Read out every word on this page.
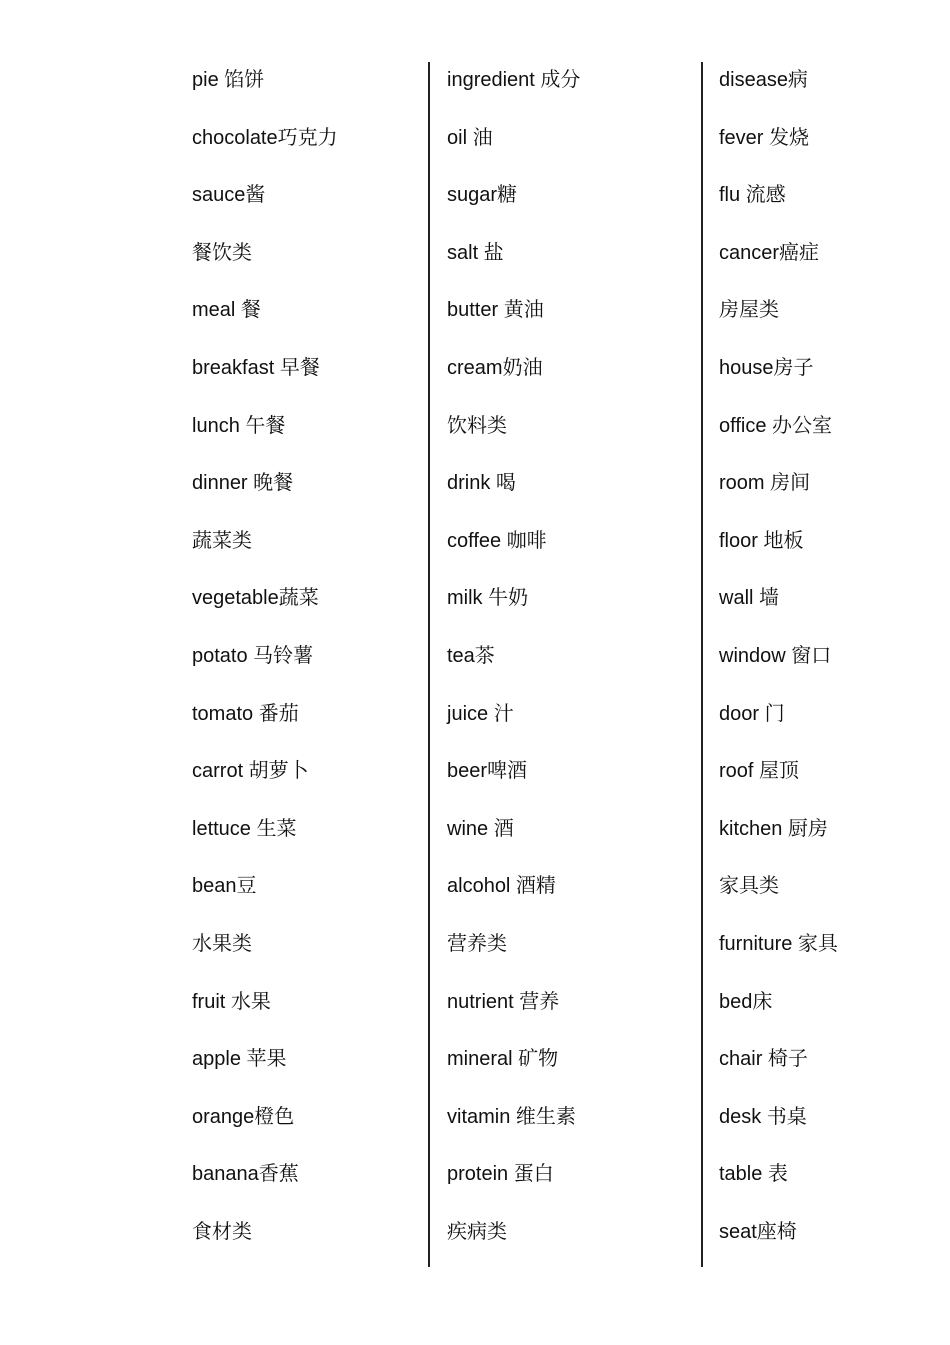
pie 馅饼
chocolate巧克力
sauce酱
餐饮类
meal 餐
breakfast 早餐
lunch 午餐
dinner 晚餐
蔬菜类
vegetable蔬菜
potato 马铃薯
tomato 番茄
carrot 胡萝卜
lettuce 生菜
bean豆
水果类
fruit 水果
apple 苹果
orange橙色
banana香蕉
食材类
ingredient 成分
oil 油
sugar糖
salt 盐
butter 黄油
cream奶油
饮料类
drink 喝
coffee 咖啡
milk 牛奶
tea茶
juice 汁
beer啤酒
wine 酒
alcohol 酒精
营养类
nutrient 营养
mineral 矿物
vitamin 维生素
protein 蛋白
疾病类
disease病
fever 发烧
flu 流感
cancer癌症
房屋类
house房子
office 办公室
room 房间
floor 地板
wall 墙
window 窗口
door 门
roof 屋顶
kitchen 厨房
家具类
furniture 家具
bed床
chair 椅子
desk 书桌
table 表
seat座椅
